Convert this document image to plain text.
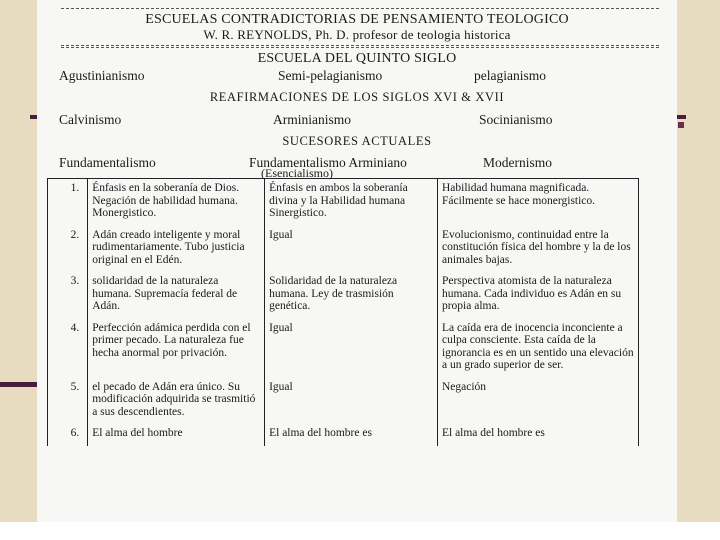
ESCUELAS CONTRADICTORIAS DE PENSAMIENTO TEOLOGICO
W. R. REYNOLDS, Ph. D. profesor de teologia historica
ESCUELA DEL QUINTO SIGLO
Agustinianismo	Semi-pelagianismo	pelagianismo
REAFIRMACIONES DE LOS SIGLOS XVI & XVII
Calvinismo	Arminianismo	Socinianismo
SUCESORES ACTUALES
Fundamentalismo	Fundamentalismo Arminiano	Modernismo
(Esencialismo)
1.	Énfasis en la soberanía de Dios. Negación de habilidad humana. Monergistico.	Énfasis en ambos la soberanía divina y la Habilidad humana Sinergistico.	Habilidad humana magnificada. Fácilmente se hace monergistico.
2.	Adán creado inteligente y moral rudimentariamente. Tubo justicia original en el Edén.	Igual	Evolucionismo, continuidad entre la constitución física del hombre y la de los animales bajas.
3.	solidaridad de la naturaleza humana. Supremacía federal de Adán.	Solidaridad de la naturaleza humana. Ley de trasmisión genética.	Perspectiva atomista de la naturaleza humana. Cada individuo es Adán en su propia alma.
4.	Perfección adámica perdida con el primer pecado. La naturaleza fue hecha anormal por privación.	Igual	La caída era de inocencia inconciente a culpa consciente. Esta caída de la ignorancia es en un sentido una elevación a un grado superior de ser.
5.	el pecado de Adán era único. Su modificación adquirida se trasmitió a sus descendientes.	Igual	Negación
6.	El alma del hombre	El alma del hombre es	El alma del hombre es
